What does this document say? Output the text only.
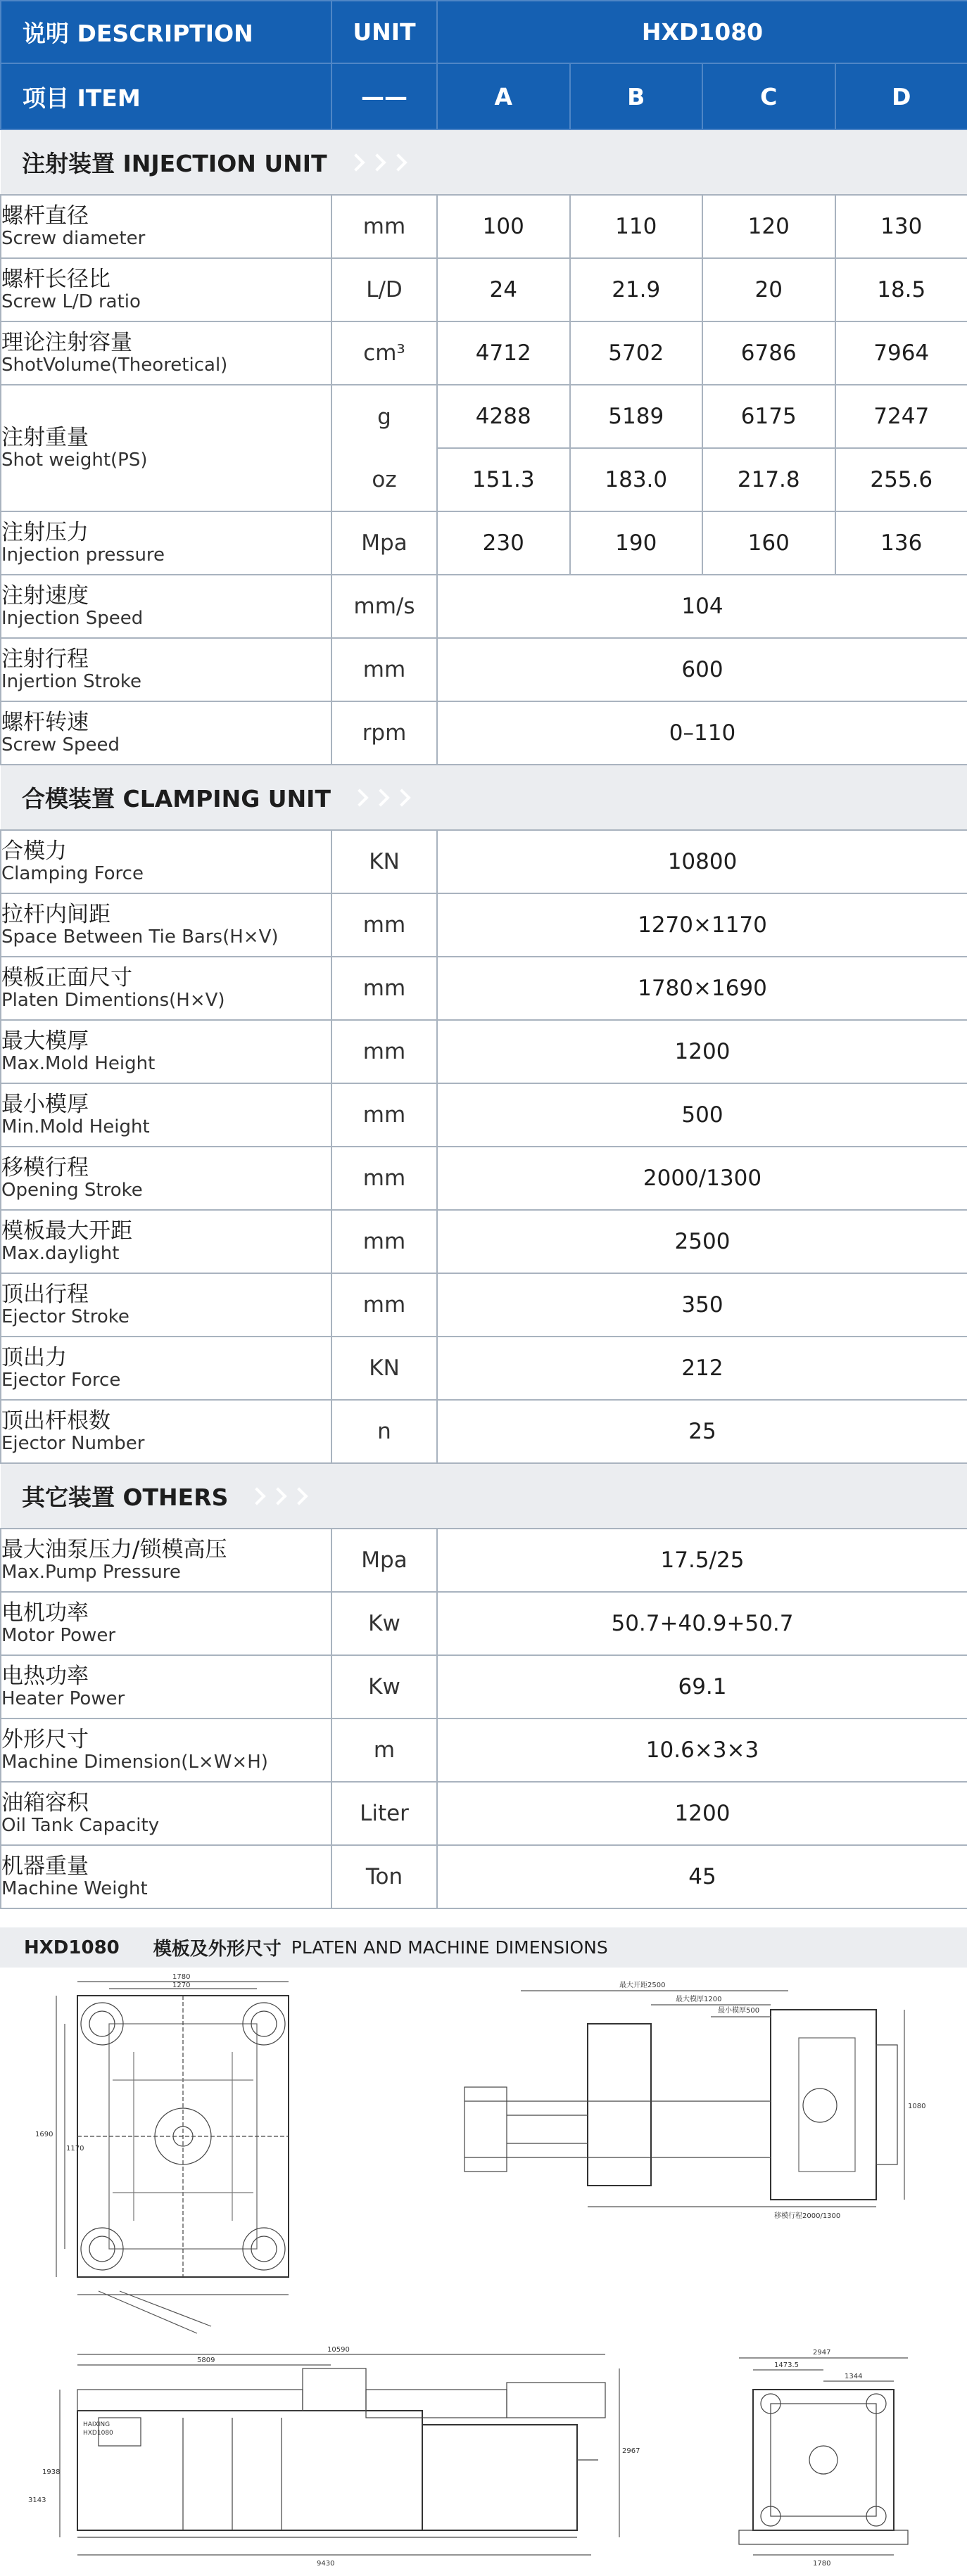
说明 DESCRIPTION	UNIT	HXD1080			
项目 ITEM	——	A	B	C	D

注射装置 INJECTION UNIT					

螺杆直径
Screw diameter	mm	100	110	120	130

螺杆长径比
Screw L/D ratio	L/D	24	21.9	20	18.5

理论注射容量
ShotVolume(Theoretical)	cm³	4712	5702	6786	7964

注射重量
Shot weight(PS)	g	4288	5189	6175	7247
	oz	151.3	183.0	217.8	255.6

注射压力
Injection pressure	Mpa	230	190	160	136

注射速度
Injection Speed	mm/s	104			

注射行程
Injertion Stroke	mm	600			

螺杆转速
Screw Speed	rpm	0–110			

合模装置 CLAMPING UNIT					

合模力
Clamping Force	KN	10800			

拉杆内间距
Space Between Tie Bars(H×V)	mm	1270×1170			

模板正面尺寸
Platen Dimentions(H×V)	mm	1780×1690			

最大模厚
Max.Mold Height	mm	1200			

最小模厚
Min.Mold Height	mm	500			

移模行程
Opening Stroke	mm	2000/1300			

模板最大开距
Max.daylight	mm	2500			

顶出行程
Ejector Stroke	mm	350			

顶出力
Ejector Force	KN	212			

顶出杆根数
Ejector Number	n	25			

其它装置 OTHERS					

最大油泵压力/锁模高压
Max.Pump Pressure	Mpa	17.5/25			

电机功率
Motor Power	Kw	50.7+40.9+50.7			

电热功率
Heater Power	Kw	69.1			

外形尺寸
Machine Dimension(L×W×H)	m	10.6×3×3			

油箱容积
Oil Tank Capacity	Liter	1200			

机器重量
Machine Weight	Ton	45			
HXD1080 模板及外形尺寸 PLATEN AND MACHINE DIMENSIONS
1780
1270
1690
1170
最大开距2500
最大模厚1200
最小模厚500
1080
移模行程2000/1300
10590
5809
HAIXING
HXD1080
2967
1938
9430
3143
2947
1473.5
1344
1780
